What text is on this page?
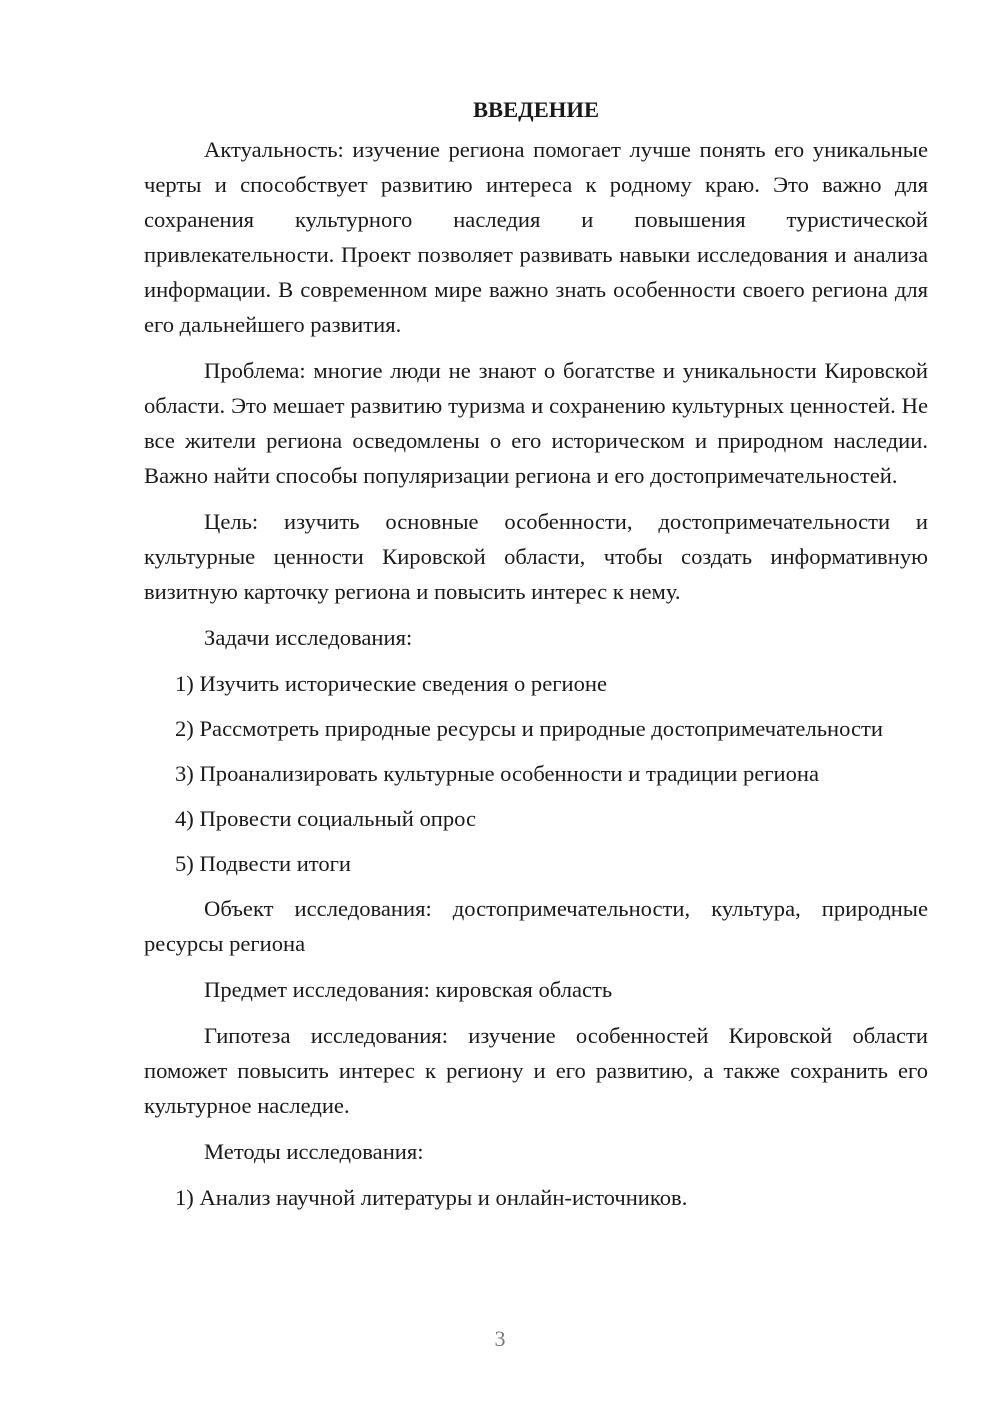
ВВЕДЕНИЕ

Актуальность: изучение региона помогает лучше понять его уникальные черты и способствует развитию интереса к родному краю. Это важно для сохранения культурного наследия и повышения туристической привлекательности. Проект позволяет развивать навыки исследования и анализа информации. В современном мире важно знать особенности своего региона для его дальнейшего развития.

Проблема: многие люди не знают о богатстве и уникальности Кировской области. Это мешает развитию туризма и сохранению культурных ценностей. Не все жители региона осведомлены о его историческом и природном наследии. Важно найти способы популяризации региона и его достопримечательностей.

Цель: изучить основные особенности, достопримечательности и культурные ценности Кировской области, чтобы создать информативную визитную карточку региона и повысить интерес к нему.

Задачи исследования:

1) Изучить исторические сведения о регионе

2) Рассмотреть природные ресурсы и природные достопримечательности

3) Проанализировать культурные особенности и традиции региона

4) Провести социальный опрос

5) Подвести итоги

Объект исследования: достопримечательности, культура, природные ресурсы региона

Предмет исследования: кировская область

Гипотеза исследования: изучение особенностей Кировской области поможет повысить интерес к региону и его развитию, а также сохранить его культурное наследие.

Методы исследования:

1) Анализ научной литературы и онлайн-источников.

3
